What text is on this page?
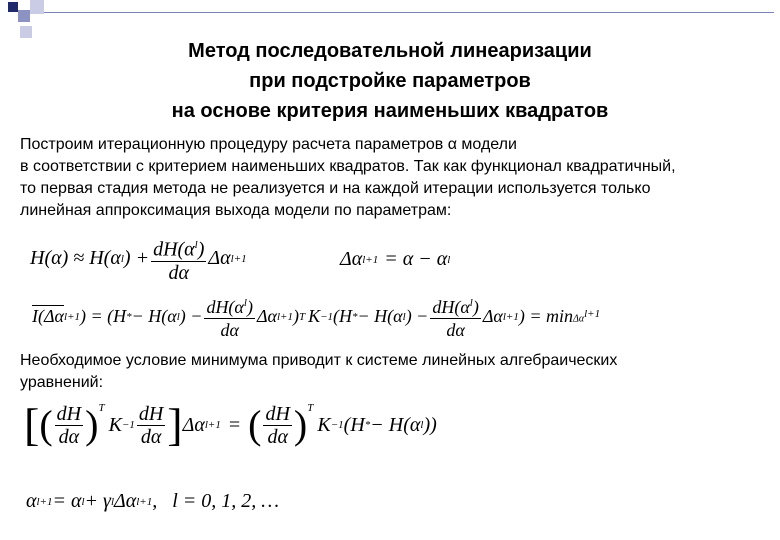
Метод последовательной линеаризации
при подстройке параметров
на основе критерия наименьших квадратов
Построим итерационную процедуру расчета параметров α модели
в соответствии с критерием наименьших квадратов. Так как функционал квадратичный,
то первая стадия метода не реализуется и на каждой итерации используется только
линейная аппроксимация выхода модели по параметрам:
H(α) ≈ H(α l ) + $\frac{dH(\alpha^l)}{d\alpha}$ Δα l+1	Δα l+1 = α − α l
I(Δα l+1 ) = (H * − H(α l ) − $\frac{dH(\alpha^l)}{d\alpha}$ Δα l+1 ) T K −1 (H * − H(α l ) − $\frac{dH(\alpha^l)}{d\alpha}$ Δα l+1 ) = $\min \Delta\alpha^{l+1}$
Необходимое условие минимума приводит к системе линейных алгебраических
уравнений:
[ ( $\frac{dH}{d\alpha} )^T$
$K -1 \frac{dH}{d\alpha}$ ] Δα l+1 = ( $\frac{dH}{d\alpha} )^T$
K −1 (H * − H(α l ))
α l+1 = α l + γ l Δα l+1 ,   l = 0, 1, 2, …
